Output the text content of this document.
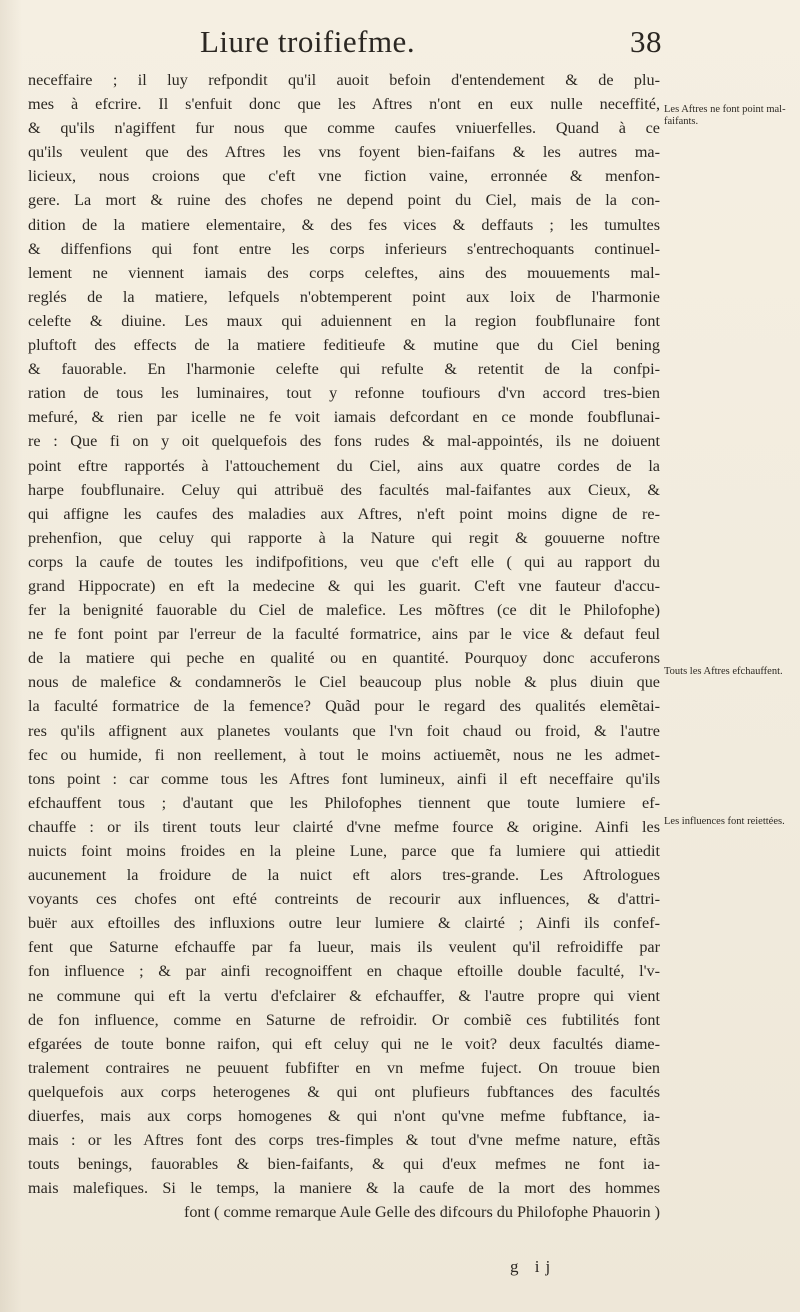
Liure troifiefme.	38
neceffaire ; il luy refpondit qu'il auoit befoin d'entendement & de plu-
mes à efcrire. Il s'enfuit donc que les Aftres n'ont en eux nulle neceffité,
& qu'ils n'agiffent fur nous que comme caufes vniuerfelles. Quand à ce
qu'ils veulent que des Aftres les vns foyent bien-faifans & les autres ma-
licieux, nous croions que c'eft vne fiction vaine, erronnée & menfon-
gere. La mort & ruine des chofes ne depend point du Ciel, mais de la con-
dition de la matiere elementaire, & des fes vices & deffauts ; les tumultes
& diffenfions qui font entre les corps inferieurs s'entrechoquants continuel-
lement ne viennent iamais des corps celeftes, ains des mouuements mal-
reglés de la matiere, lefquels n'obtemperent point aux loix de l'harmonie
celefte & diuine. Les maux qui aduiennent en la region foubflunaire font
pluftoft des effects de la matiere feditieufe & mutine que du Ciel bening
& fauorable. En l'harmonie celefte qui refulte & retentit de la confpi-
ration de tous les luminaires, tout y refonne toufiours d'vn accord tres-bien
mefuré, & rien par icelle ne fe voit iamais defcordant en ce monde foubflunai-
re : Que fi on y oit quelquefois des fons rudes & mal-appointés, ils ne doiuent
point eftre rapportés à l'attouchement du Ciel, ains aux quatre cordes de la
harpe foubflunaire. Celuy qui attribuë des facultés mal-faifantes aux Cieux, &
qui affigne les caufes des maladies aux Aftres, n'eft point moins digne de re-
prehenfion, que celuy qui rapporte à la Nature qui regit & gouuerne noftre
corps la caufe de toutes les indifpofitions, veu que c'eft elle ( qui au rapport du
grand Hippocrate) en eft la medecine & qui les guarit. C'eft vne fauteur d'accu-
fer la benignité fauorable du Ciel de malefice. Les mõftres (ce dit le Philofophe)
ne fe font point par l'erreur de la faculté formatrice, ains par le vice & defaut feul
de la matiere qui peche en qualité ou en quantité. Pourquoy donc accuferons
nous de malefice & condamnerõs le Ciel beaucoup plus noble & plus diuin que
la faculté formatrice de la femence? Quãd pour le regard des qualités elemẽtai-
res qu'ils affignent aux planetes voulants que l'vn foit chaud ou froid, & l'autre
fec ou humide, fi non reellement, à tout le moins actiuemẽt, nous ne les admet-
tons point : car comme tous les Aftres font lumineux, ainfi il eft neceffaire qu'ils
efchauffent tous ; d'autant que les Philofophes tiennent que toute lumiere ef-
chauffe : or ils tirent touts leur clairté d'vne mefme fource & origine. Ainfi les
nuicts foint moins froides en la pleine Lune, parce que fa lumiere qui attiedit
aucunement la froidure de la nuict eft alors tres-grande. Les Aftrologues
voyants ces chofes ont efté contreints de recourir aux influences, & d'attri-
buër aux eftoilles des influxions outre leur lumiere & clairté ; Ainfi ils confef-
fent que Saturne efchauffe par fa lueur, mais ils veulent qu'il refroidiffe par
fon influence ; & par ainfi recognoiffent en chaque eftoille double faculté, l'v-
ne commune qui eft la vertu d'efclairer & efchauffer, & l'autre propre qui vient
de fon influence, comme en Saturne de refroidir. Or combiẽ ces fubtilités font
efgarées de toute bonne raifon, qui eft celuy qui ne le voit? deux facultés diame-
tralement contraires ne peuuent fubfifter en vn mefme fuject. On trouue bien
quelquefois aux corps heterogenes & qui ont plufieurs fubftances des facultés
diuerfes, mais aux corps homogenes & qui n'ont qu'vne mefme fubftance, ia-
mais : or les Aftres font des corps tres-fimples & tout d'vne mefme nature, eftãs
touts benings, fauorables & bien-faifants, & qui d'eux mefmes ne font ia-
mais malefiques. Si le temps, la maniere & la caufe de la mort des hommes
font ( comme remarque Aule Gelle des difcours du Philofophe Phauorin )
Les Aftres ne font point mal-faifants.
Touts les Aftres efchauffent.
Les influences font reiettées.
g ij
